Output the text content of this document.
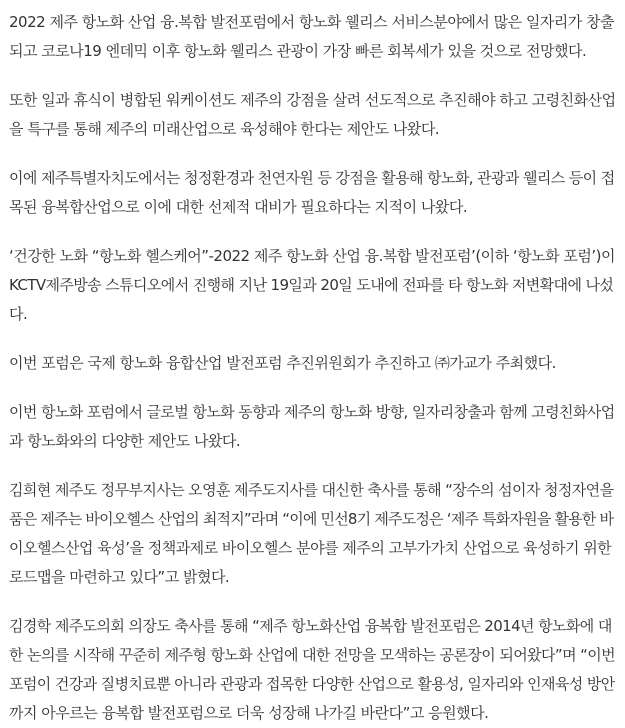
2022 제주 항노화 산업 융.복합 발전포럼에서 항노화 웰리스 서비스분야에서 많은 일자리가 창출
되고 코로나19 엔데믹 이후 항노화 웰리스 관광이 가장 빠른 회복세가 있을 것으로 전망했다.

또한 일과 휴식이 병합된 워케이션도 제주의 강점을 살려 선도적으로 추진해야 하고 고령친화산업
을 특구를 통해 제주의 미래산업으로 육성해야 한다는 제안도 나왔다.

이에 제주특별자치도에서는 청정환경과 천연자원 등 강점을 활용해 항노화, 관광과 웰리스 등이 접
목된 융복합산업으로 이에 대한 선제적 대비가 필요하다는 지적이 나왔다.

‘건강한 노화 “항노화 헬스케어”-2022 제주 항노화 산업 융.복합 발전포럼’(이하 ‘항노화 포럼’)이
KCTV제주방송 스튜디오에서 진행해 지난 19일과 20일 도내에 전파를 타 항노화 저변확대에 나섰
다.

이번 포럼은 국제 항노화 융합산업 발전포럼 추진위원회가 추진하고 ㈜가교가 주최했다.

이번 항노화 포럼에서 글로벌 항노화 동향과 제주의 항노화 방향, 일자리창출과 함께 고령친화사업
과 항노화와의 다양한 제안도 나왔다.

김희현 제주도 정무부지사는 오영훈 제주도지사를 대신한 축사를 통해 “장수의 섬이자 청정자연을
품은 제주는 바이오헬스 산업의 최적지”라며 “이에 민선8기 제주도정은 ‘제주 특화자원을 활용한 바
이오헬스산업 육성’을 정책과제로 바이오헬스 분야를 제주의 고부가가치 산업으로 육성하기 위한
로드맵을 마련하고 있다”고 밝혔다.

김경학 제주도의회 의장도 축사를 통해 “제주 항노화산업 융복합 발전포럼은 2014년 항노화에 대
한 논의를 시작해 꾸준히 제주형 항노화 산업에 대한 전망을 모색하는 공론장이 되어왔다”며 “이번
포럼이 건강과 질병치료뿐 아니라 관광과 접목한 다양한 산업으로 활용성, 일자리와 인재육성 방안
까지 아우르는 융복합 발전포럼으로 더욱 성장해 나가길 바란다”고 응원했다.
